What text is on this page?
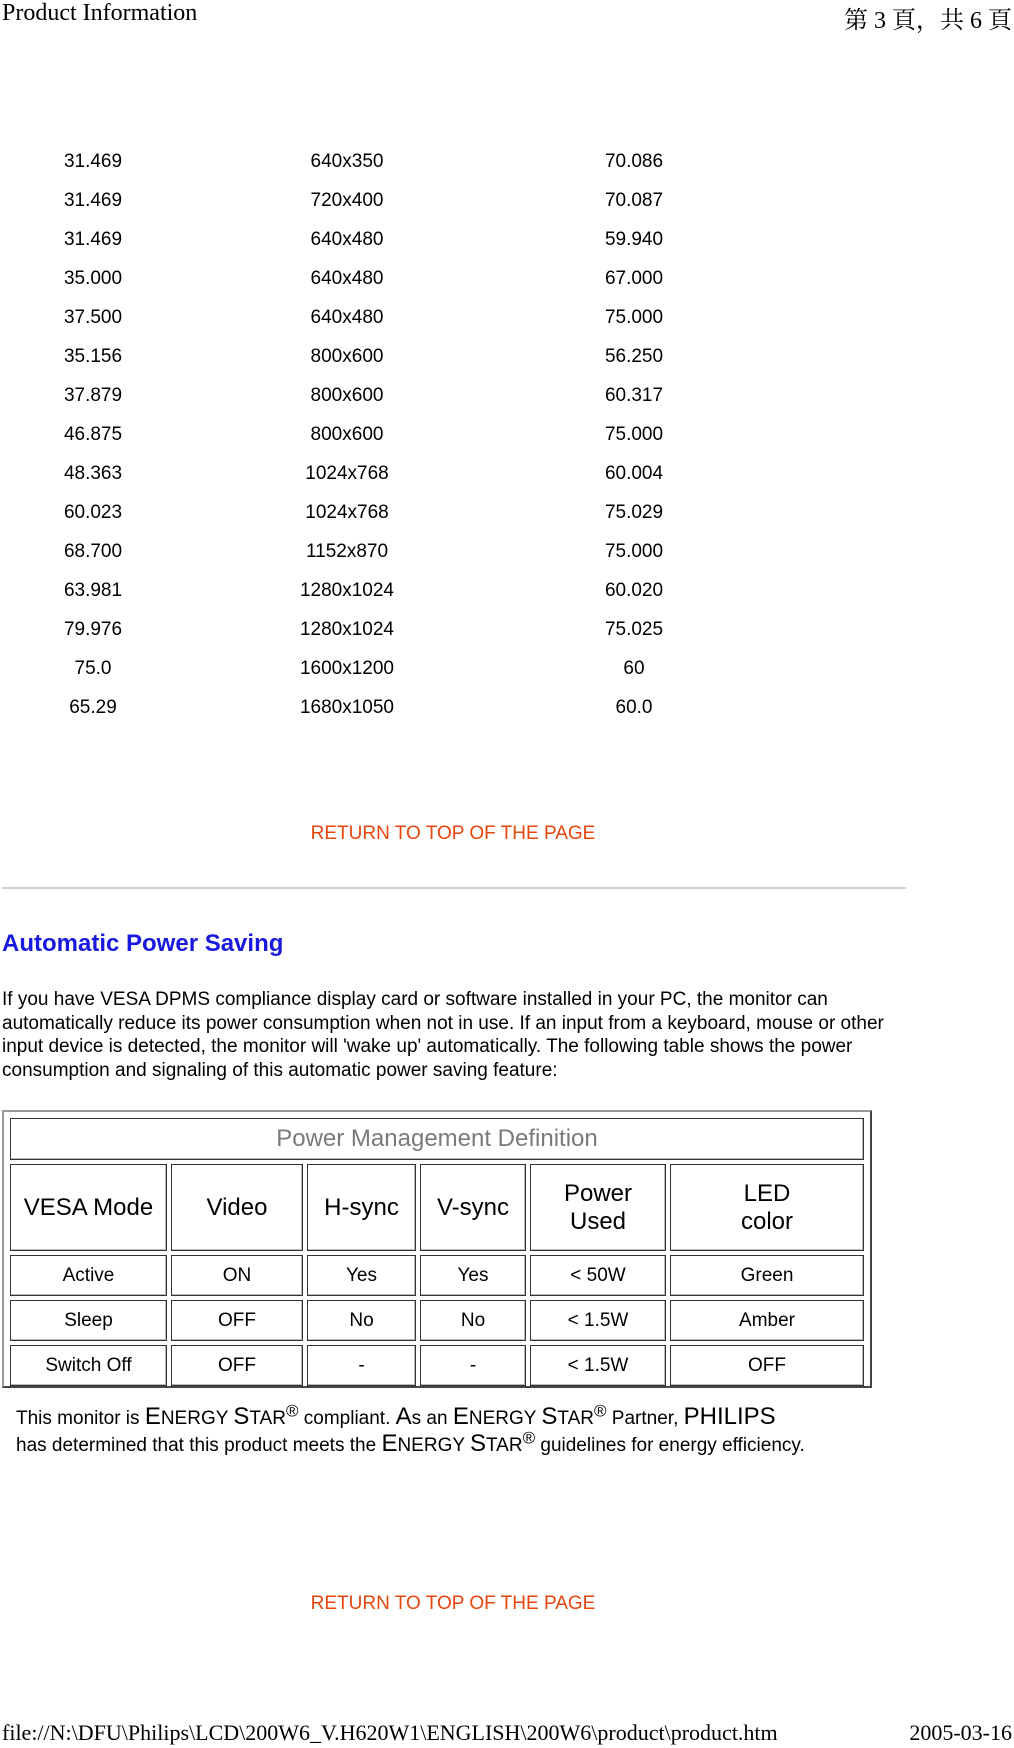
Product Information	第 3 頁，共 6 頁
31.469	640x350	70.086
31.469	720x400	70.087
31.469	640x480	59.940
35.000	640x480	67.000
37.500	640x480	75.000
35.156	800x600	56.250
37.879	800x600	60.317
46.875	800x600	75.000
48.363	1024x768	60.004
60.023	1024x768	75.029
68.700	1152x870	75.000
63.981	1280x1024	60.020
79.976	1280x1024	75.025
75.0	1600x1200	60
65.29	1680x1050	60.0
RETURN TO TOP OF THE PAGE
Automatic Power Saving

If you have VESA DPMS compliance display card or software installed in your PC, the monitor can automatically reduce its power consumption when not in use. If an input from a keyboard, mouse or other input device is detected, the monitor will 'wake up' automatically. The following table shows the power consumption and signaling of this automatic power saving feature:

Power Management Definition					
VESA Mode	Video	H-sync	V-sync	Power Used	LED color
Active	ON	Yes	Yes	< 50W	Green
Sleep	OFF	No	No	< 1.5W	Amber
Switch Off	OFF	-	-	< 1.5W	OFF

This monitor is ENERGY STAR® compliant. As an ENERGY STAR® Partner, PHILIPS
has determined that this product meets the ENERGY STAR® guidelines for energy efficiency.

RETURN TO TOP OF THE PAGE
file://N:\DFU\Philips\LCD\200W6_V.H620W1\ENGLISH\200W6\product\product.htm	2005-03-16
